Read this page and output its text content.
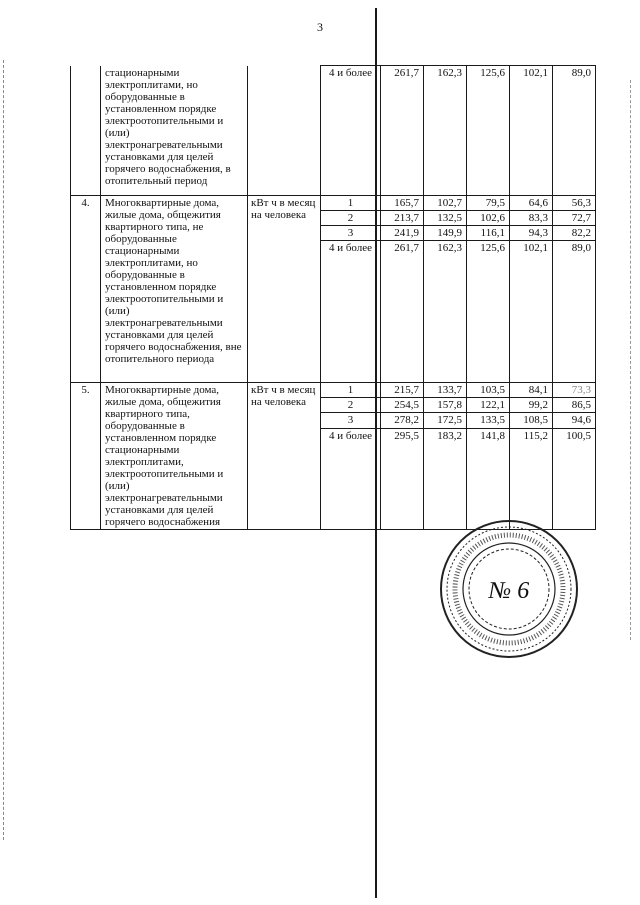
3
	стационарными электроплитами, но оборудованные в установленном порядке электроотопительными и (или) электронагревательными установками для целей горячего водоснабжения, в отопительный период		4 и более	261,7	162,3	125,6	102,1	89,0
4.	Многоквартирные дома, жилые дома, общежития квартирного типа, не оборудованные стационарными электроплитами, но оборудованные в установленном порядке электроотопительными и (или) электронагревательными установками для целей горячего водоснабжения, вне отопительного периода	кВт ч в месяц на человека	1	165,7	102,7	79,5	64,6	56,3
			2	213,7	132,5	102,6	83,3	72,7
			3	241,9	149,9	116,1	94,3	82,2
			4 и более	261,7	162,3	125,6	102,1	89,0
5.	Многоквартирные дома, жилые дома, общежития квартирного типа, оборудованные в установленном порядке стационарными электроплитами, электроотопительными и (или) электронагревательными установками для целей горячего водоснабжения	кВт ч в месяц на человека	1	215,7	133,7	103,5	84,1	73,3
			2	254,5	157,8	122,1	99,2	86,5
			3	278,2	172,5	133,5	108,5	94,6
			4 и более	295,5	183,2	141,8	115,2	100,5
№ 6
